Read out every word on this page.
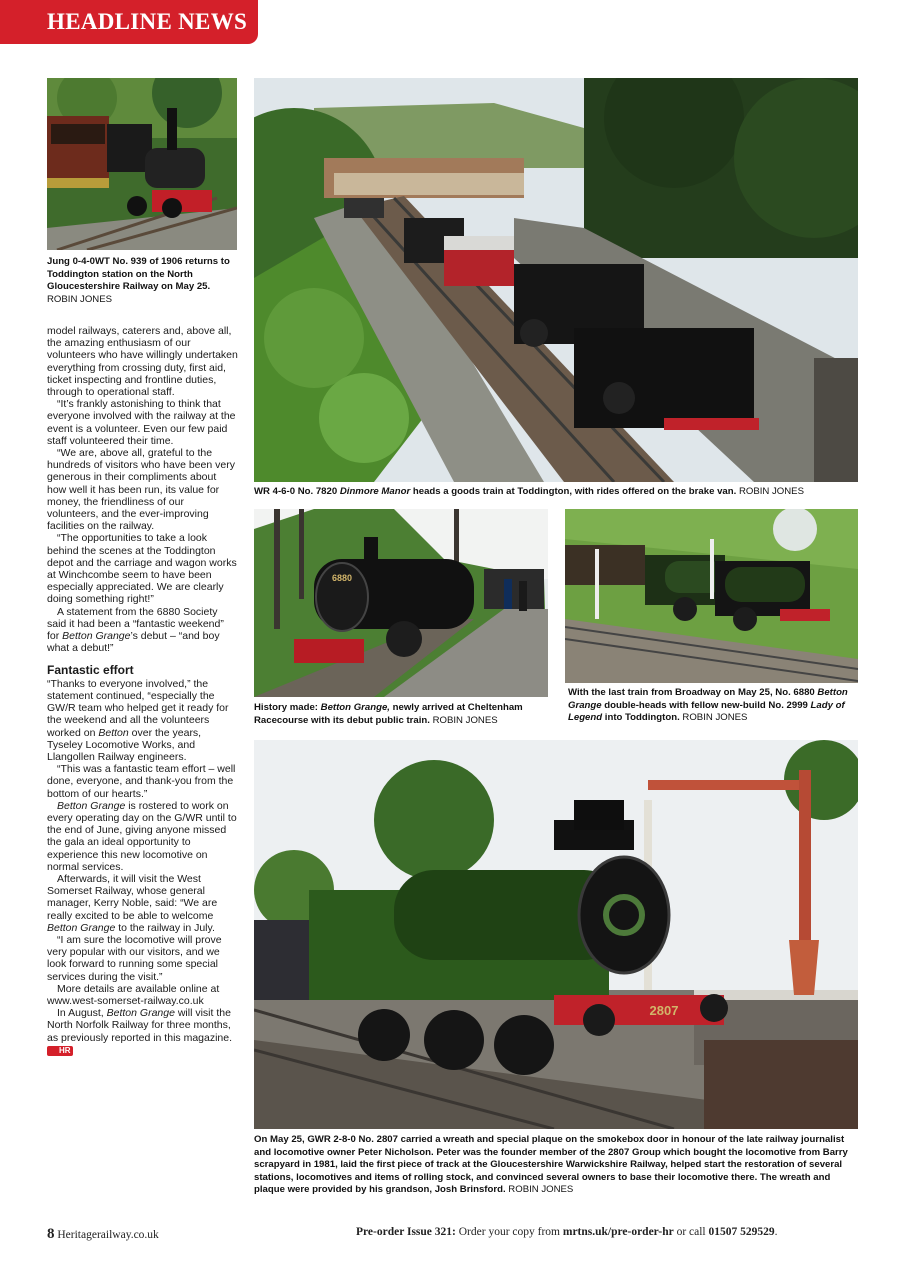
HEADLINE NEWS
Jung 0-4-0WT No. 939 of 1906 returns to Toddington station on the North Gloucestershire Railway on May 25.
ROBIN JONES
WR 4-6-0 No. 7820 Dinmore Manor heads a goods train at Toddington, with rides offered on the brake van. ROBIN JONES
6880
History made: Betton Grange, newly arrived at Cheltenham Racecourse with its debut public train. ROBIN JONES
With the last train from Broadway on May 25, No. 6880 Betton Grange double-heads with fellow new-build No. 2999 Lady of Legend into Toddington. ROBIN JONES
2807
On May 25, GWR 2-8-0 No. 2807 carried a wreath and special plaque on the smokebox door in honour of the late railway journalist and locomotive owner Peter Nicholson. Peter was the founder member of the 2807 Group which bought the locomotive from Barry scrapyard in 1981, laid the first piece of track at the Gloucestershire Warwickshire Railway, helped start the restoration of several stations, locomotives and items of rolling stock, and convinced several owners to base their locomotive there. The wreath and plaque were provided by his grandson, Josh Brinsford. ROBIN JONES

model railways, caterers and, above all, the amazing enthusiasm of our volunteers who have willingly undertaken everything from crossing duty, first aid, ticket inspecting and frontline duties, through to operational staff.

“It’s frankly astonishing to think that everyone involved with the railway at the event is a volunteer. Even our few paid staff volunteered their time.

“We are, above all, grateful to the hundreds of visitors who have been very generous in their compliments about how well it has been run, its value for money, the friendliness of our volunteers, and the ever-improving facilities on the railway.

“The opportunities to take a look behind the scenes at the Toddington depot and the carriage and wagon works at Winchcombe seem to have been especially appreciated. We are clearly doing something right!”

A statement from the 6880 Society said it had been a “fantastic weekend” for Betton Grange’s debut – “and boy what a debut!”

Fantastic effort

“Thanks to everyone involved,” the statement continued, “especially the GW/R team who helped get it ready for the weekend and all the volunteers worked on Betton over the years, Tyseley Locomotive Works, and Llangollen Railway engineers.

“This was a fantastic team effort – well done, everyone, and thank-you from the bottom of our hearts.”

Betton Grange is rostered to work on every operating day on the G/WR until to the end of June, giving anyone missed the gala an ideal opportunity to experience this new locomotive on normal services.

Afterwards, it will visit the West Somerset Railway, whose general manager, Kerry Noble, said: “We are really excited to be able to welcome Betton Grange to the railway in July.

“I am sure the locomotive will prove very popular with our visitors, and we look forward to running some special services during the visit.”

More details are available online at www.west-somerset-railway.co.uk

In August, Betton Grange will visit the North Norfolk Railway for three months, as previously reported in this magazine. HR

8 Heritagerailway.co.uk	Pre-order Issue 321: Order your copy from mrtns.uk/pre-order-hr or call 01507 529529.
